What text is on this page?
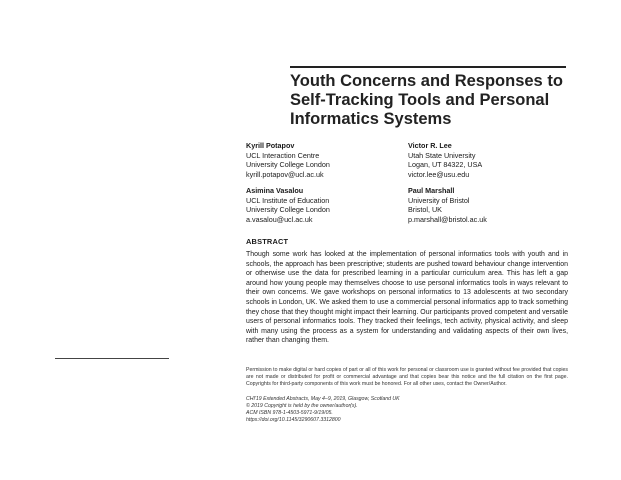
Youth Concerns and Responses to Self-Tracking Tools and Personal Informatics Systems
Kyrill Potapov
UCL Interaction Centre
University College London
kyrill.potapov@ucl.ac.uk
Victor R. Lee
Utah State University
Logan, UT 84322, USA
victor.lee@usu.edu
Asimina Vasalou
UCL Institute of Education
University College London
a.vasalou@ucl.ac.uk
Paul Marshall
University of Bristol
Bristol, UK
p.marshall@bristol.ac.uk
ABSTRACT

Though some work has looked at the implementation of personal informatics tools with youth and in schools, the approach has been prescriptive; students are pushed toward behaviour change intervention or otherwise use the data for prescribed learning in a particular curriculum area. This has left a gap around how young people may themselves choose to use personal informatics tools in ways relevant to their own concerns. We gave workshops on personal informatics to 13 adolescents at two secondary schools in London, UK. We asked them to use a commercial personal informatics app to track something they chose that they thought might impact their learning. Our participants proved competent and versatile users of personal informatics tools. They tracked their feelings, tech activity, physical activity, and sleep with many using the process as a system for understanding and validating aspects of their own lives, rather than changing them.

Permission to make digital or hard copies of part or all of this work for personal or classroom use is granted without fee provided that copies are not made or distributed for profit or commercial advantage and that copies bear this notice and the full citation on the first page. Copyrights for third-party components of this work must be honored. For all other uses, contact the Owner/Author.

CHI'19 Extended Abstracts, May 4–9, 2019, Glasgow, Scotland UK
© 2019 Copyright is held by the owner/author(s).
ACM ISBN 978-1-4503-5971-9/19/05.
https://doi.org/10.1145/3290607.3312800
